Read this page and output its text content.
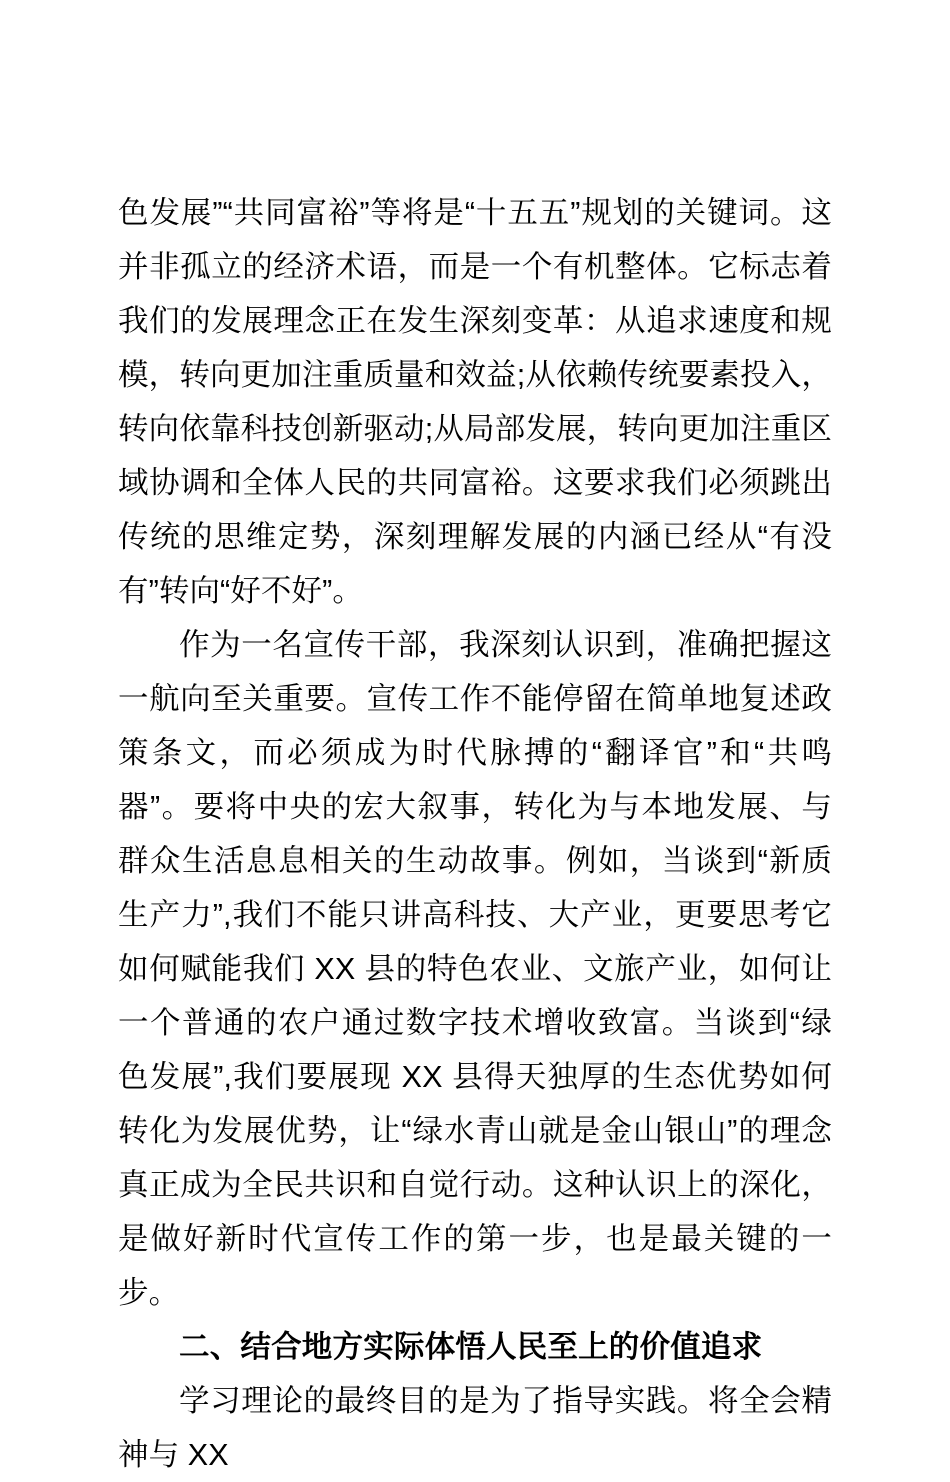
色发展”“共同富裕”等将是“十五五”规划的关键词。这并非孤立的经济术语，而是一个有机整体。它标志着我们的发展理念正在发生深刻变革：从追求速度和规模，转向更加注重质量和效益;从依赖传统要素投入，转向依靠科技创新驱动;从局部发展，转向更加注重区域协调和全体人民的共同富裕。这要求我们必须跳出传统的思维定势，深刻理解发展的内涵已经从“有没有”转向“好不好”。

作为一名宣传干部，我深刻认识到，准确把握这一航向至关重要。宣传工作不能停留在简单地复述政策条文，而必须成为时代脉搏的“翻译官”和“共鸣器”。要将中央的宏大叙事，转化为与本地发展、与群众生活息息相关的生动故事。例如，当谈到“新质生产力”,我们不能只讲高科技、大产业，更要思考它如何赋能我们 XX 县的特色农业、文旅产业，如何让一个普通的农户通过数字技术增收致富。当谈到“绿色发展”,我们要展现 XX 县得天独厚的生态优势如何转化为发展优势，让“绿水青山就是金山银山”的理念真正成为全民共识和自觉行动。这种认识上的深化，是做好新时代宣传工作的第一步，也是最关键的一步。

二、结合地方实际体悟人民至上的价值追求

学习理论的最终目的是为了指导实践。将全会精神与 XX
